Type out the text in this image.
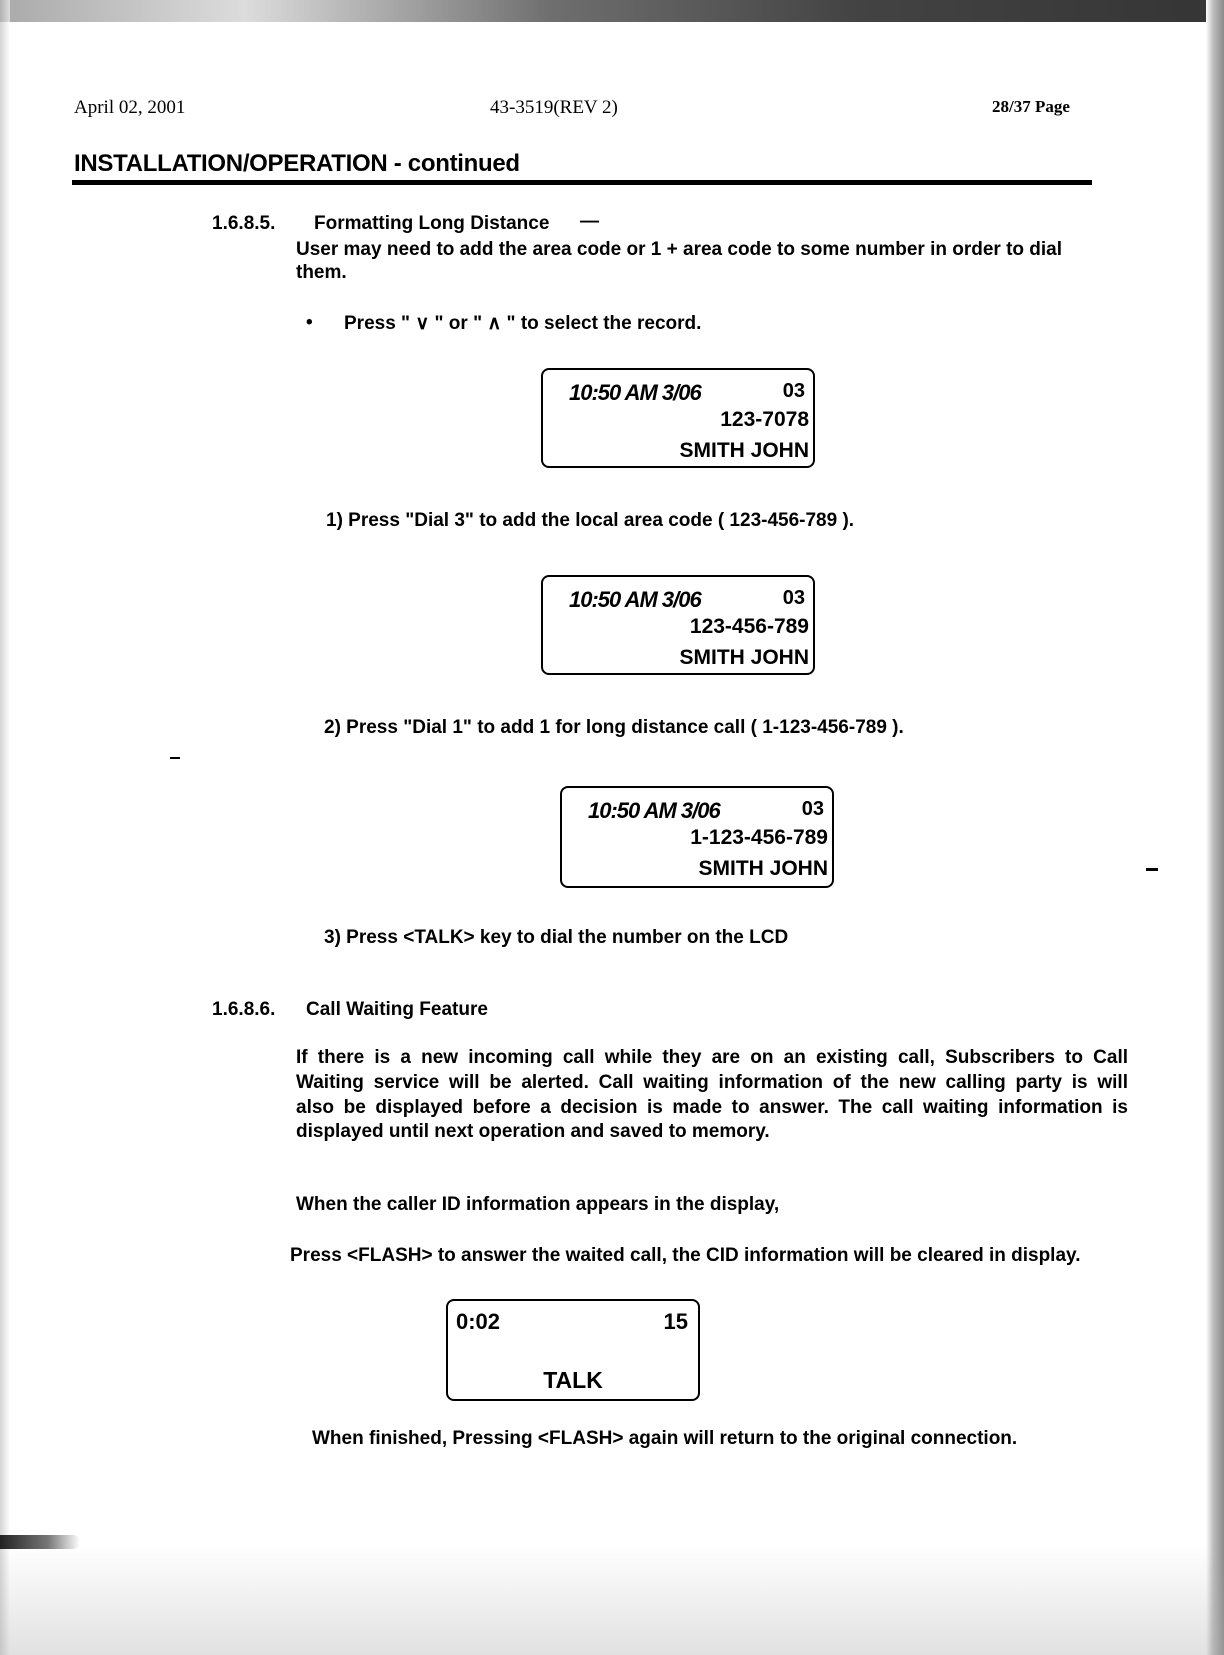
April 02, 2001	43-3519(REV 2)	28/37 Page
INSTALLATION/OPERATION - continued
1.6.8.5. Formatting Long Distance —
User may need to add the area code or 1 + area code to some number in order to dial
them.
• Press " ∨ " or " ∧ " to select the record.
10:50 AM 3/06	03
123-7078
SMITH JOHN
1) Press "Dial 3" to add the local area code ( 123-456-789 ).
10:50 AM 3/06	03
123-456-789
SMITH JOHN
2) Press "Dial 1" to add 1 for long distance call ( 1-123-456-789 ).
10:50 AM 3/06	03
1-123-456-789
SMITH JOHN
3) Press <TALK> key to dial the number on the LCD
1.6.8.6. Call Waiting Feature
If there is a new incoming call while they are on an existing call, Subscribers to Call
Waiting service will be alerted. Call waiting information of the new calling party is will
also be displayed before a decision is made to answer. The call waiting information is
displayed until next operation and saved to memory.
When the caller ID information appears in the display,
Press <FLASH> to answer the waited call, the CID information will be cleared in display.
0:02	15
TALK
When finished, Pressing <FLASH> again will return to the original connection.
